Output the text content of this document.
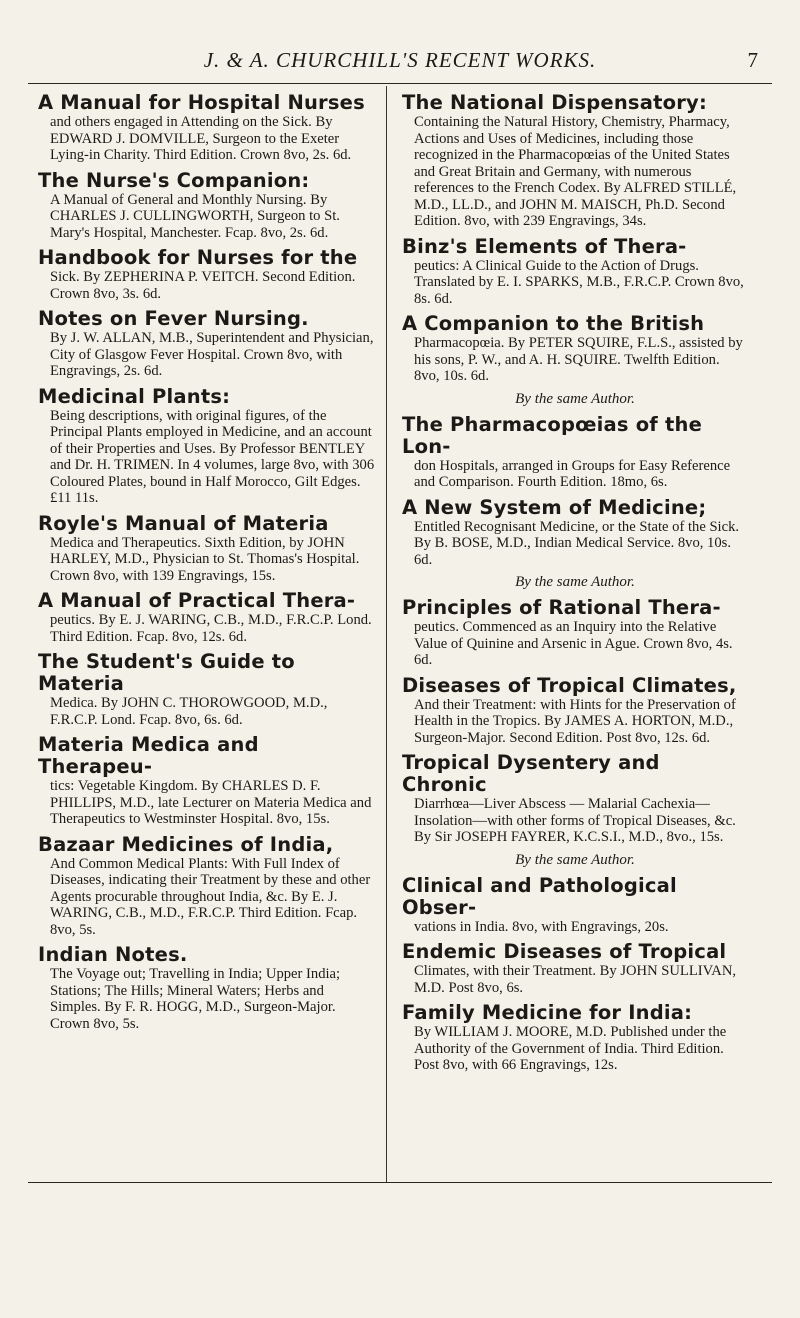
J. & A. CHURCHILL'S RECENT WORKS.	7
A Manual for Hospital Nurses
and others engaged in Attending on the Sick. By EDWARD J. DOMVILLE, Surgeon to the Exeter Lying-in Charity. Third Edition. Crown 8vo, 2s. 6d.
The Nurse's Companion:
A Manual of General and Monthly Nursing. By CHARLES J. CULLINGWORTH, Surgeon to St. Mary's Hospital, Manchester. Fcap. 8vo, 2s. 6d.
Handbook for Nurses for the
Sick. By ZEPHERINA P. VEITCH. Second Edition. Crown 8vo, 3s. 6d.
Notes on Fever Nursing.
By J. W. ALLAN, M.B., Superintendent and Physician, City of Glasgow Fever Hospital. Crown 8vo, with Engravings, 2s. 6d.
Medicinal Plants:
Being descriptions, with original figures, of the Principal Plants employed in Medicine, and an account of their Properties and Uses. By Professor BENTLEY and Dr. H. TRIMEN. In 4 volumes, large 8vo, with 306 Coloured Plates, bound in Half Morocco, Gilt Edges. £11 11s.
Royle's Manual of Materia
Medica and Therapeutics. Sixth Edition, by JOHN HARLEY, M.D., Physician to St. Thomas's Hospital. Crown 8vo, with 139 Engravings, 15s.
A Manual of Practical Thera-
peutics. By E. J. WARING, C.B., M.D., F.R.C.P. Lond. Third Edition. Fcap. 8vo, 12s. 6d.
The Student's Guide to Materia
Medica. By JOHN C. THOROWGOOD, M.D., F.R.C.P. Lond. Fcap. 8vo, 6s. 6d.
Materia Medica and Therapeu-
tics: Vegetable Kingdom. By CHARLES D. F. PHILLIPS, M.D., late Lecturer on Materia Medica and Therapeutics to Westminster Hospital. 8vo, 15s.
Bazaar Medicines of India,
And Common Medical Plants: With Full Index of Diseases, indicating their Treatment by these and other Agents procurable throughout India, &c. By E. J. WARING, C.B., M.D., F.R.C.P. Third Edition. Fcap. 8vo, 5s.
Indian Notes.
The Voyage out; Travelling in India; Upper India; Stations; The Hills; Mineral Waters; Herbs and Simples. By F. R. HOGG, M.D., Surgeon-Major. Crown 8vo, 5s.
The National Dispensatory:
Containing the Natural History, Chemistry, Pharmacy, Actions and Uses of Medicines, including those recognized in the Pharmacopœias of the United States and Great Britain and Germany, with numerous references to the French Codex. By ALFRED STILLÉ, M.D., LL.D., and JOHN M. MAISCH, Ph.D. Second Edition. 8vo, with 239 Engravings, 34s.
Binz's Elements of Thera-
peutics: A Clinical Guide to the Action of Drugs. Translated by E. I. SPARKS, M.B., F.R.C.P. Crown 8vo, 8s. 6d.
A Companion to the British
Pharmacopœia. By PETER SQUIRE, F.L.S., assisted by his sons, P. W., and A. H. SQUIRE. Twelfth Edition. 8vo, 10s. 6d.
By the same Author.
The Pharmacopœias of the Lon-
don Hospitals, arranged in Groups for Easy Reference and Comparison. Fourth Edition. 18mo, 6s.
A New System of Medicine;
Entitled Recognisant Medicine, or the State of the Sick. By B. BOSE, M.D., Indian Medical Service. 8vo, 10s. 6d.
By the same Author.
Principles of Rational Thera-
peutics. Commenced as an Inquiry into the Relative Value of Quinine and Arsenic in Ague. Crown 8vo, 4s. 6d.
Diseases of Tropical Climates,
And their Treatment: with Hints for the Preservation of Health in the Tropics. By JAMES A. HORTON, M.D., Surgeon-Major. Second Edition. Post 8vo, 12s. 6d.
Tropical Dysentery and Chronic
Diarrhœa—Liver Abscess — Malarial Cachexia—Insolation—with other forms of Tropical Diseases, &c. By Sir JOSEPH FAYRER, K.C.S.I., M.D., 8vo., 15s.
By the same Author.
Clinical and Pathological Obser-
vations in India. 8vo, with Engravings, 20s.
Endemic Diseases of Tropical
Climates, with their Treatment. By JOHN SULLIVAN, M.D. Post 8vo, 6s.
Family Medicine for India:
By WILLIAM J. MOORE, M.D. Published under the Authority of the Government of India. Third Edition. Post 8vo, with 66 Engravings, 12s.
